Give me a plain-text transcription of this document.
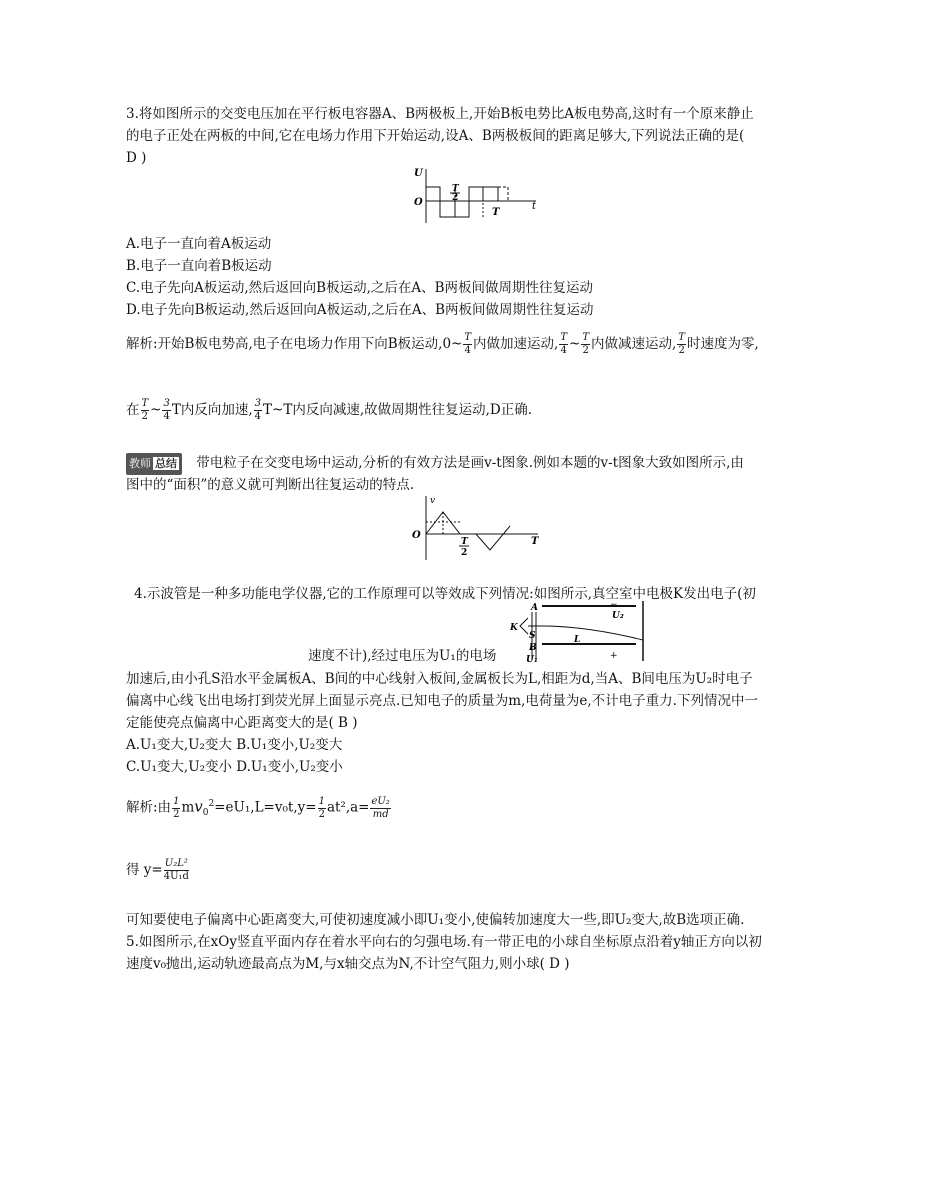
3.将如图所示的交变电压加在平行板电容器A、B两极板上,开始B板电势比A板电势高,这时有一个原来静止
的电子正处在两板的中间,它在电场力作用下开始运动,设A、B两极板间的距离足够大,下列说法正确的是(
D )
U
O
T
2
T
t
A.电子一直向着A板运动
B.电子一直向着B板运动
C.电子先向A板运动,然后返回向B板运动,之后在A、B两板间做周期性往复运动
D.电子先向B板运动,然后返回向A板运动,之后在A、B两板间做周期性往复运动
解析:开始B板电势高,电子在电场力作用下向B板运动,0~ $\frac{T}{4}$ 内做加速运动, $\frac{T}{4}$ ~ $\frac{T}{2}$ 内做减速运动, $\frac{T}{2}$ 时速度为零,
在 $\frac{T}{2}$ ~ $\frac{3}{4}$ T内反向加速, $\frac{3}{4}$ T~T内反向减速,故做周期性往复运动,D正确.
教师 总结 带电粒子在交变电场中运动,分析的有效方法是画v-t图象.例如本题的v-t图象大致如图所示,由
图中的“面积”的意义就可判断出往复运动的特点.
v
O
T
2
T
4.示波管是一种多功能电学仪器,它的工作原理可以等效成下列情况:如图所示,真空室中电极K发出电子(初
速度不计),经过电压为U₁的电场
A
K
S
B
U₂
−
L
+
U₁
加速后,由小孔S沿水平金属板A、B间的中心线射入板间,金属板长为L,相距为d,当A、B间电压为U₂时电子
偏离中心线飞出电场打到荧光屏上面显示亮点.已知电子的质量为m,电荷量为e,不计电子重力.下列情况中一
定能使亮点偏离中心距离变大的是( B )
A.U₁变大,U₂变大 B.U₁变小,U₂变大
C.U₁变大,U₂变小 D.U₁变小,U₂变小
解析:由 $\frac{1}{2} mv_0^2=eU_1,L=v_0t,y= \frac{1}{2} at^2,a= \frac{\text{eU₂}}{md}$
得 $y= \frac{\text{U₂L²}}{\text{4U₁d}}$
可知要使电子偏离中心距离变大,可使初速度减小即U₁变小,使偏转加速度大一些,即U₂变大,故B选项正确.
5.如图所示,在xOy竖直平面内存在着水平向右的匀强电场.有一带正电的小球自坐标原点沿着y轴正方向以初
速度v₀抛出,运动轨迹最高点为M,与x轴交点为N,不计空气阻力,则小球( D )
